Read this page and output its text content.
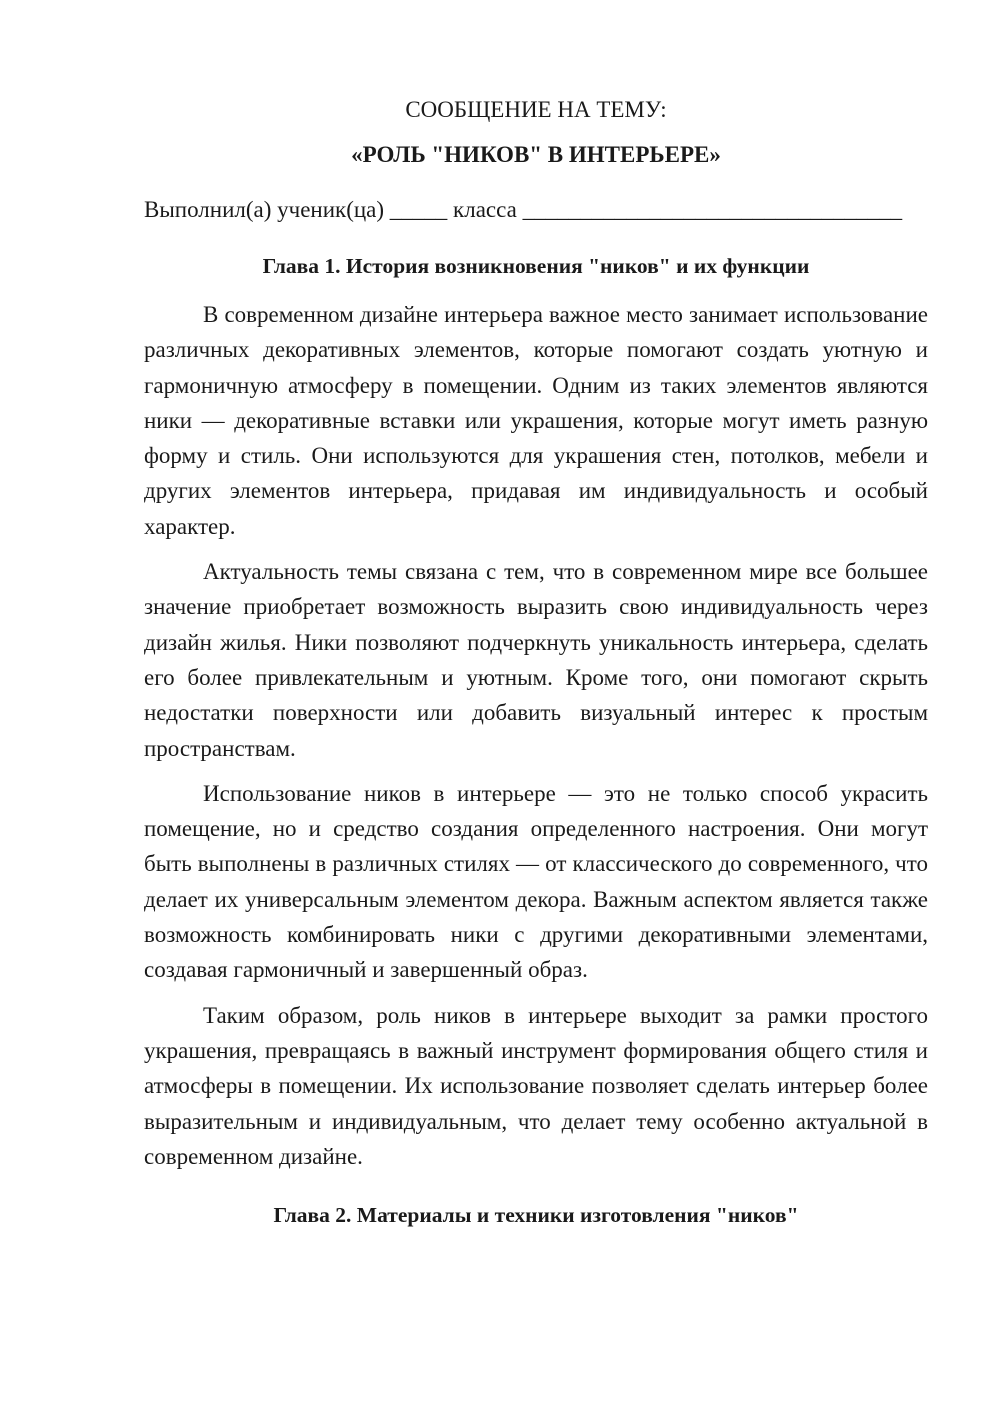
СООБЩЕНИЕ НА ТЕМУ:
«РОЛЬ "НИКОВ" В ИНТЕРЬЕРЕ»

Выполнил(а) ученик(ца) _____ класса _________________________________

Глава 1. История возникновения "ников" и их функции

В современном дизайне интерьера важное место занимает использование различных декоративных элементов, которые помогают создать уютную и гармоничную атмосферу в помещении. Одним из таких элементов являются ники — декоративные вставки или украшения, которые могут иметь разную форму и стиль. Они используются для украшения стен, потолков, мебели и других элементов интерьера, придавая им индивидуальность и особый характер.

Актуальность темы связана с тем, что в современном мире все большее значение приобретает возможность выразить свою индивидуальность через дизайн жилья. Ники позволяют подчеркнуть уникальность интерьера, сделать его более привлекательным и уютным. Кроме того, они помогают скрыть недостатки поверхности или добавить визуальный интерес к простым пространствам.

Использование ников в интерьере — это не только способ украсить помещение, но и средство создания определенного настроения. Они могут быть выполнены в различных стилях — от классического до современного, что делает их универсальным элементом декора. Важным аспектом является также возможность комбинировать ники с другими декоративными элементами, создавая гармоничный и завершенный образ.

Таким образом, роль ников в интерьере выходит за рамки простого украшения, превращаясь в важный инструмент формирования общего стиля и атмосферы в помещении. Их использование позволяет сделать интерьер более выразительным и индивидуальным, что делает тему особенно актуальной в современном дизайне.

Глава 2. Материалы и техники изготовления "ников"
